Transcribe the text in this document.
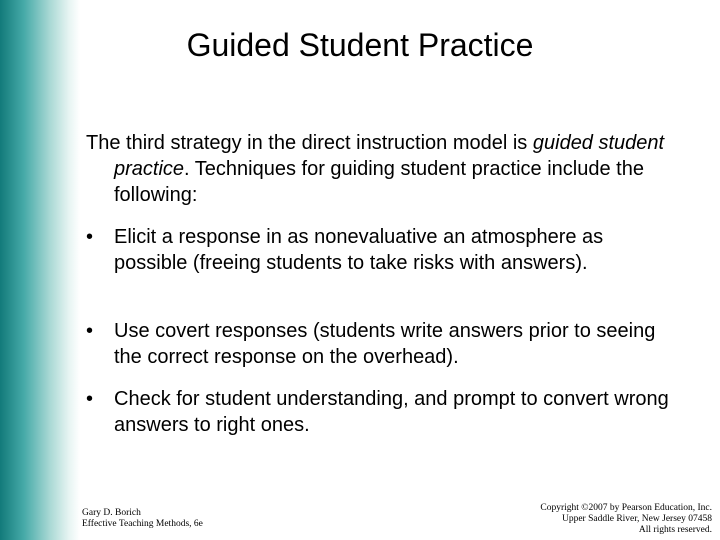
Guided Student Practice
The third strategy in the direct instruction model is guided student practice. Techniques for guiding student practice include the following:
•	Elicit a response in as nonevaluative an atmosphere as possible (freeing students to take risks with answers).
•	Use covert responses (students write answers prior to seeing the correct response on the overhead).
•	Check for student understanding, and prompt to convert wrong answers to right ones.
Gary D. Borich
Effective Teaching Methods, 6e
Copyright ©2007 by Pearson Education, Inc.
Upper Saddle River, New Jersey 07458
All rights reserved.
